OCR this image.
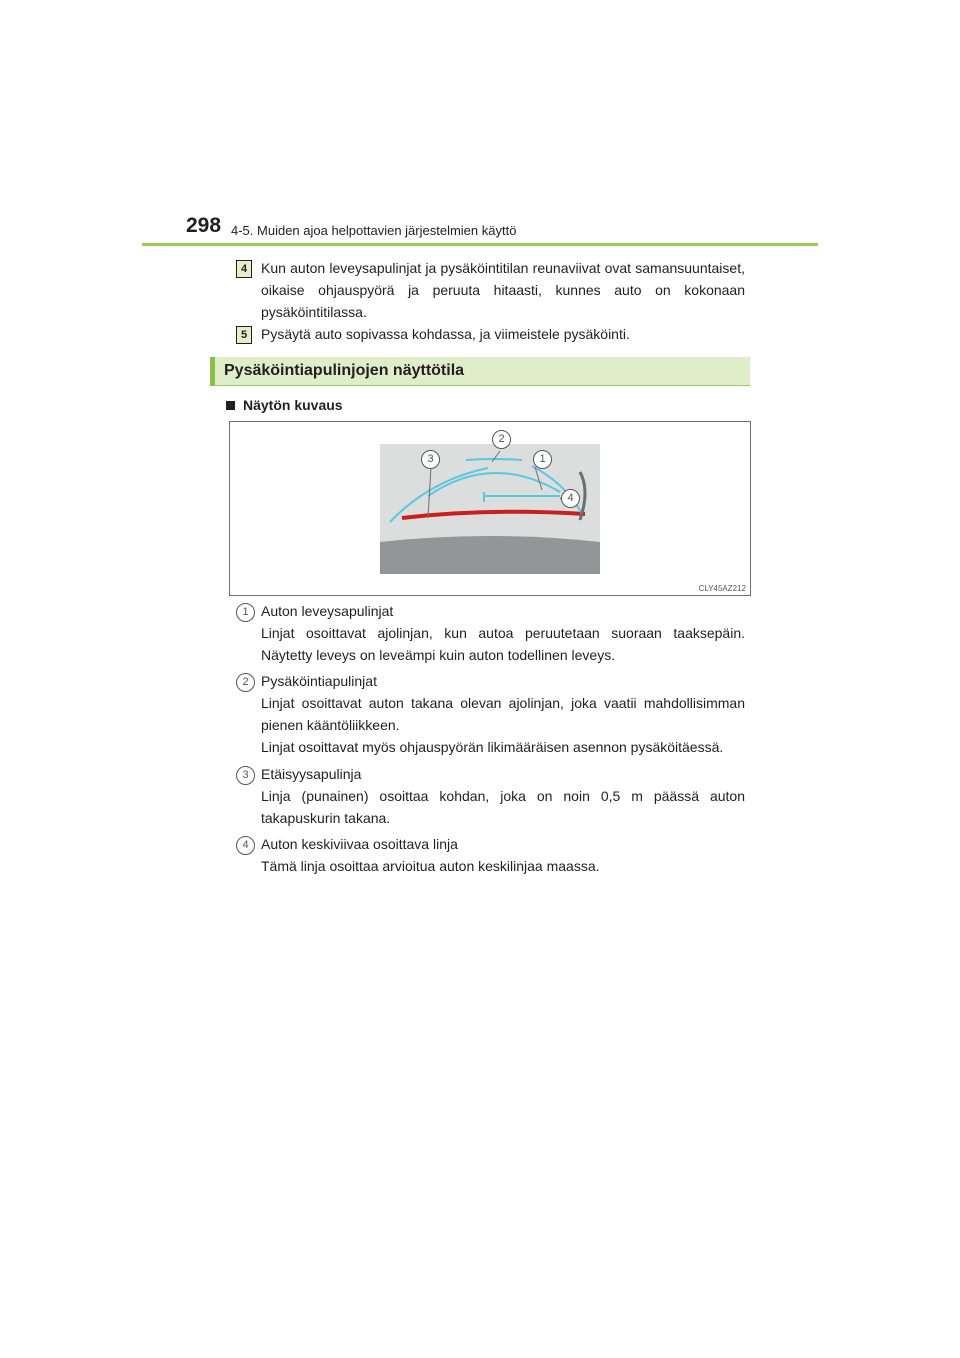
298 4-5. Muiden ajoa helpottavien järjestelmien käyttö
4 Kun auton leveysapulinjat ja pysäköintitilan reunaviivat ovat samansuuntaiset, oikaise ohjauspyörä ja peruuta hitaasti, kunnes auto on kokonaan pysäköintitilassa.
5 Pysäytä auto sopivassa kohdassa, ja viimeistele pysäköinti.
Pysäköintiapulinjojen näyttötila
Näytön kuvaus
2
1
3
4
CLY45AZ212
1 Auton leveysapulinjat
Linjat osoittavat ajolinjan, kun autoa peruutetaan suoraan taaksepäin. Näytetty leveys on leveämpi kuin auton todellinen leveys.
2 Pysäköintiapulinjat
Linjat osoittavat auton takana olevan ajolinjan, joka vaatii mahdollisimman pienen kääntöliikkeen.
Linjat osoittavat myös ohjauspyörän likimääräisen asennon pysäköitäessä.
3 Etäisyysapulinja
Linja (punainen) osoittaa kohdan, joka on noin 0,5 m päässä auton takapuskurin takana.
4 Auton keskiviivaa osoittava linja
Tämä linja osoittaa arvioitua auton keskilinjaa maassa.
